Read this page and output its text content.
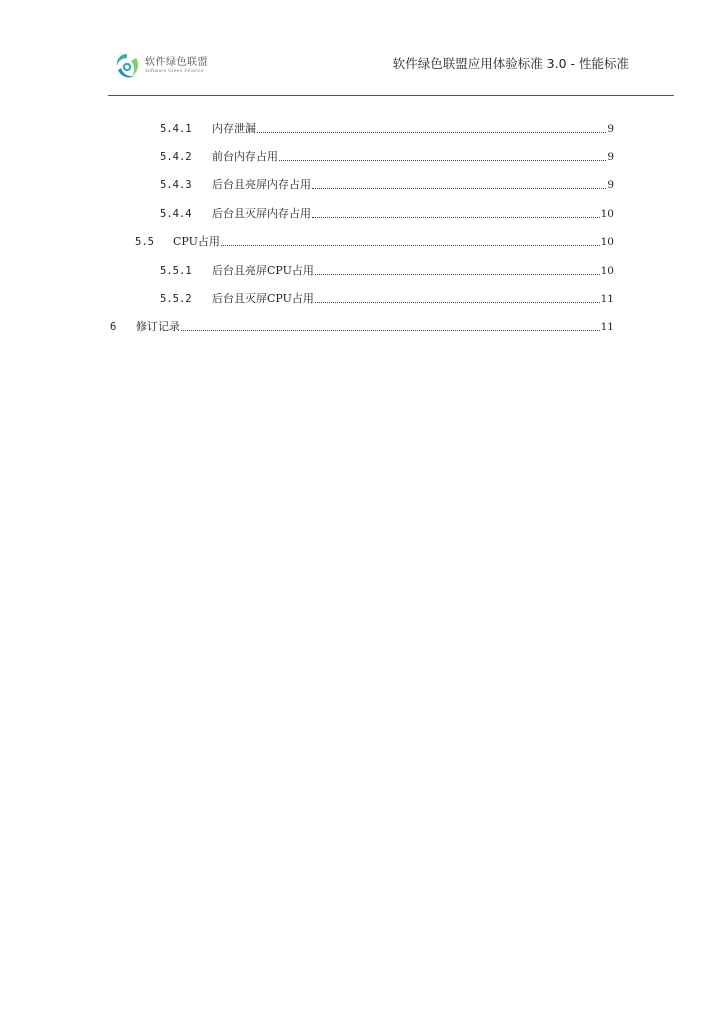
软件绿色联盟
Software Green Alliance
软件绿色联盟应用体验标准 3.0 - 性能标准
5.4.1	内存泄漏	9
5.4.2	前台内存占用	9
5.4.3	后台且亮屏内存占用	9
5.4.4	后台且灭屏内存占用	10
5.5	CPU占用	10
5.5.1	后台且亮屏CPU占用	10
5.5.2	后台且灭屏CPU占用	11
6	修订记录	11
